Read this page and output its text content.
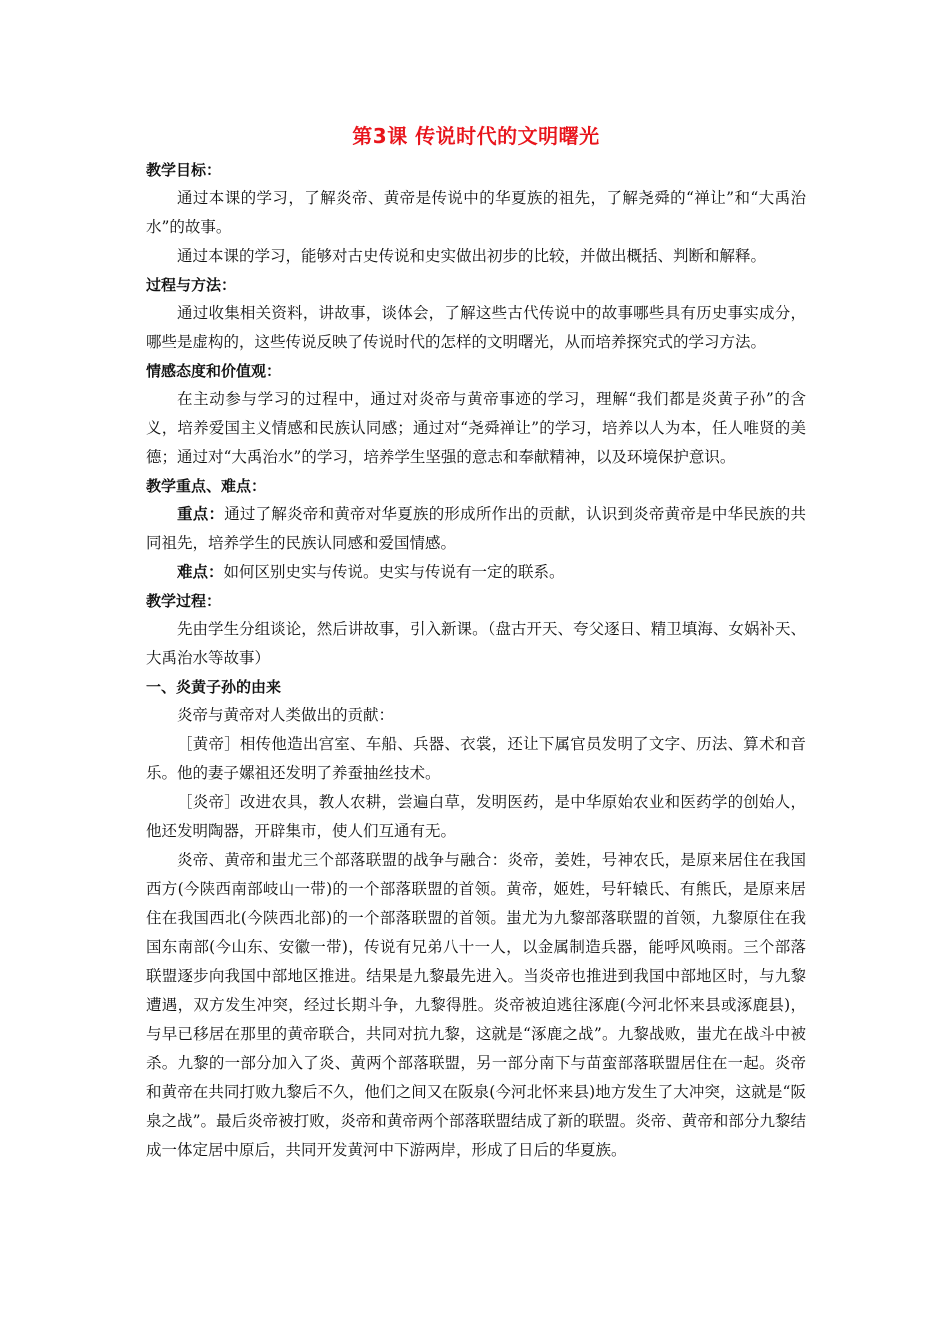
第3课 传说时代的文明曙光
教学目标：

通过本课的学习，了解炎帝、黄帝是传说中的华夏族的祖先，了解尧舜的“禅让”和“大禹治水”的故事。

通过本课的学习，能够对古史传说和史实做出初步的比较，并做出概括、判断和解释。

过程与方法：

通过收集相关资料，讲故事，谈体会，了解这些古代传说中的故事哪些具有历史事实成分，哪些是虚构的，这些传说反映了传说时代的怎样的文明曙光，从而培养探究式的学习方法。

情感态度和价值观：

在主动参与学习的过程中，通过对炎帝与黄帝事迹的学习，理解“我们都是炎黄子孙”的含义，培养爱国主义情感和民族认同感；通过对“尧舜禅让”的学习，培养以人为本，任人唯贤的美德；通过对“大禹治水”的学习，培养学生坚强的意志和奉献精神，以及环境保护意识。

教学重点、难点：

重点：通过了解炎帝和黄帝对华夏族的形成所作出的贡献，认识到炎帝黄帝是中华民族的共同祖先，培养学生的民族认同感和爱国情感。

难点：如何区别史实与传说。史实与传说有一定的联系。

教学过程：

先由学生分组谈论，然后讲故事，引入新课。（盘古开天、夸父逐日、精卫填海、女娲补天、大禹治水等故事）

一、炎黄子孙的由来

炎帝与黄帝对人类做出的贡献：

［黄帝］相传他造出宫室、车船、兵器、衣裳，还让下属官员发明了文字、历法、算术和音乐。他的妻子嫘祖还发明了养蚕抽丝技术。

［炎帝］改进农具，教人农耕，尝遍白草，发明医药，是中华原始农业和医药学的创始人，他还发明陶器，开辟集市，使人们互通有无。

炎帝、黄帝和蚩尤三个部落联盟的战争与融合：炎帝，姜姓，号神农氏，是原来居住在我国西方(今陕西南部岐山一带)的一个部落联盟的首领。黄帝，姬姓，号轩辕氏、有熊氏，是原来居住在我国西北(今陕西北部)的一个部落联盟的首领。蚩尤为九黎部落联盟的首领，九黎原住在我国东南部(今山东、安徽一带)，传说有兄弟八十一人，以金属制造兵器，能呼风唤雨。三个部落联盟逐步向我国中部地区推进。结果是九黎最先进入。当炎帝也推进到我国中部地区时，与九黎遭遇，双方发生冲突，经过长期斗争，九黎得胜。炎帝被迫逃往涿鹿(今河北怀来县或涿鹿县)，与早已移居在那里的黄帝联合，共同对抗九黎，这就是“涿鹿之战”。九黎战败，蚩尤在战斗中被杀。九黎的一部分加入了炎、黄两个部落联盟，另一部分南下与苗蛮部落联盟居住在一起。炎帝和黄帝在共同打败九黎后不久，他们之间又在阪泉(今河北怀来县)地方发生了大冲突，这就是“阪泉之战”。最后炎帝被打败，炎帝和黄帝两个部落联盟结成了新的联盟。炎帝、黄帝和部分九黎结成一体定居中原后，共同开发黄河中下游两岸，形成了日后的华夏族。
